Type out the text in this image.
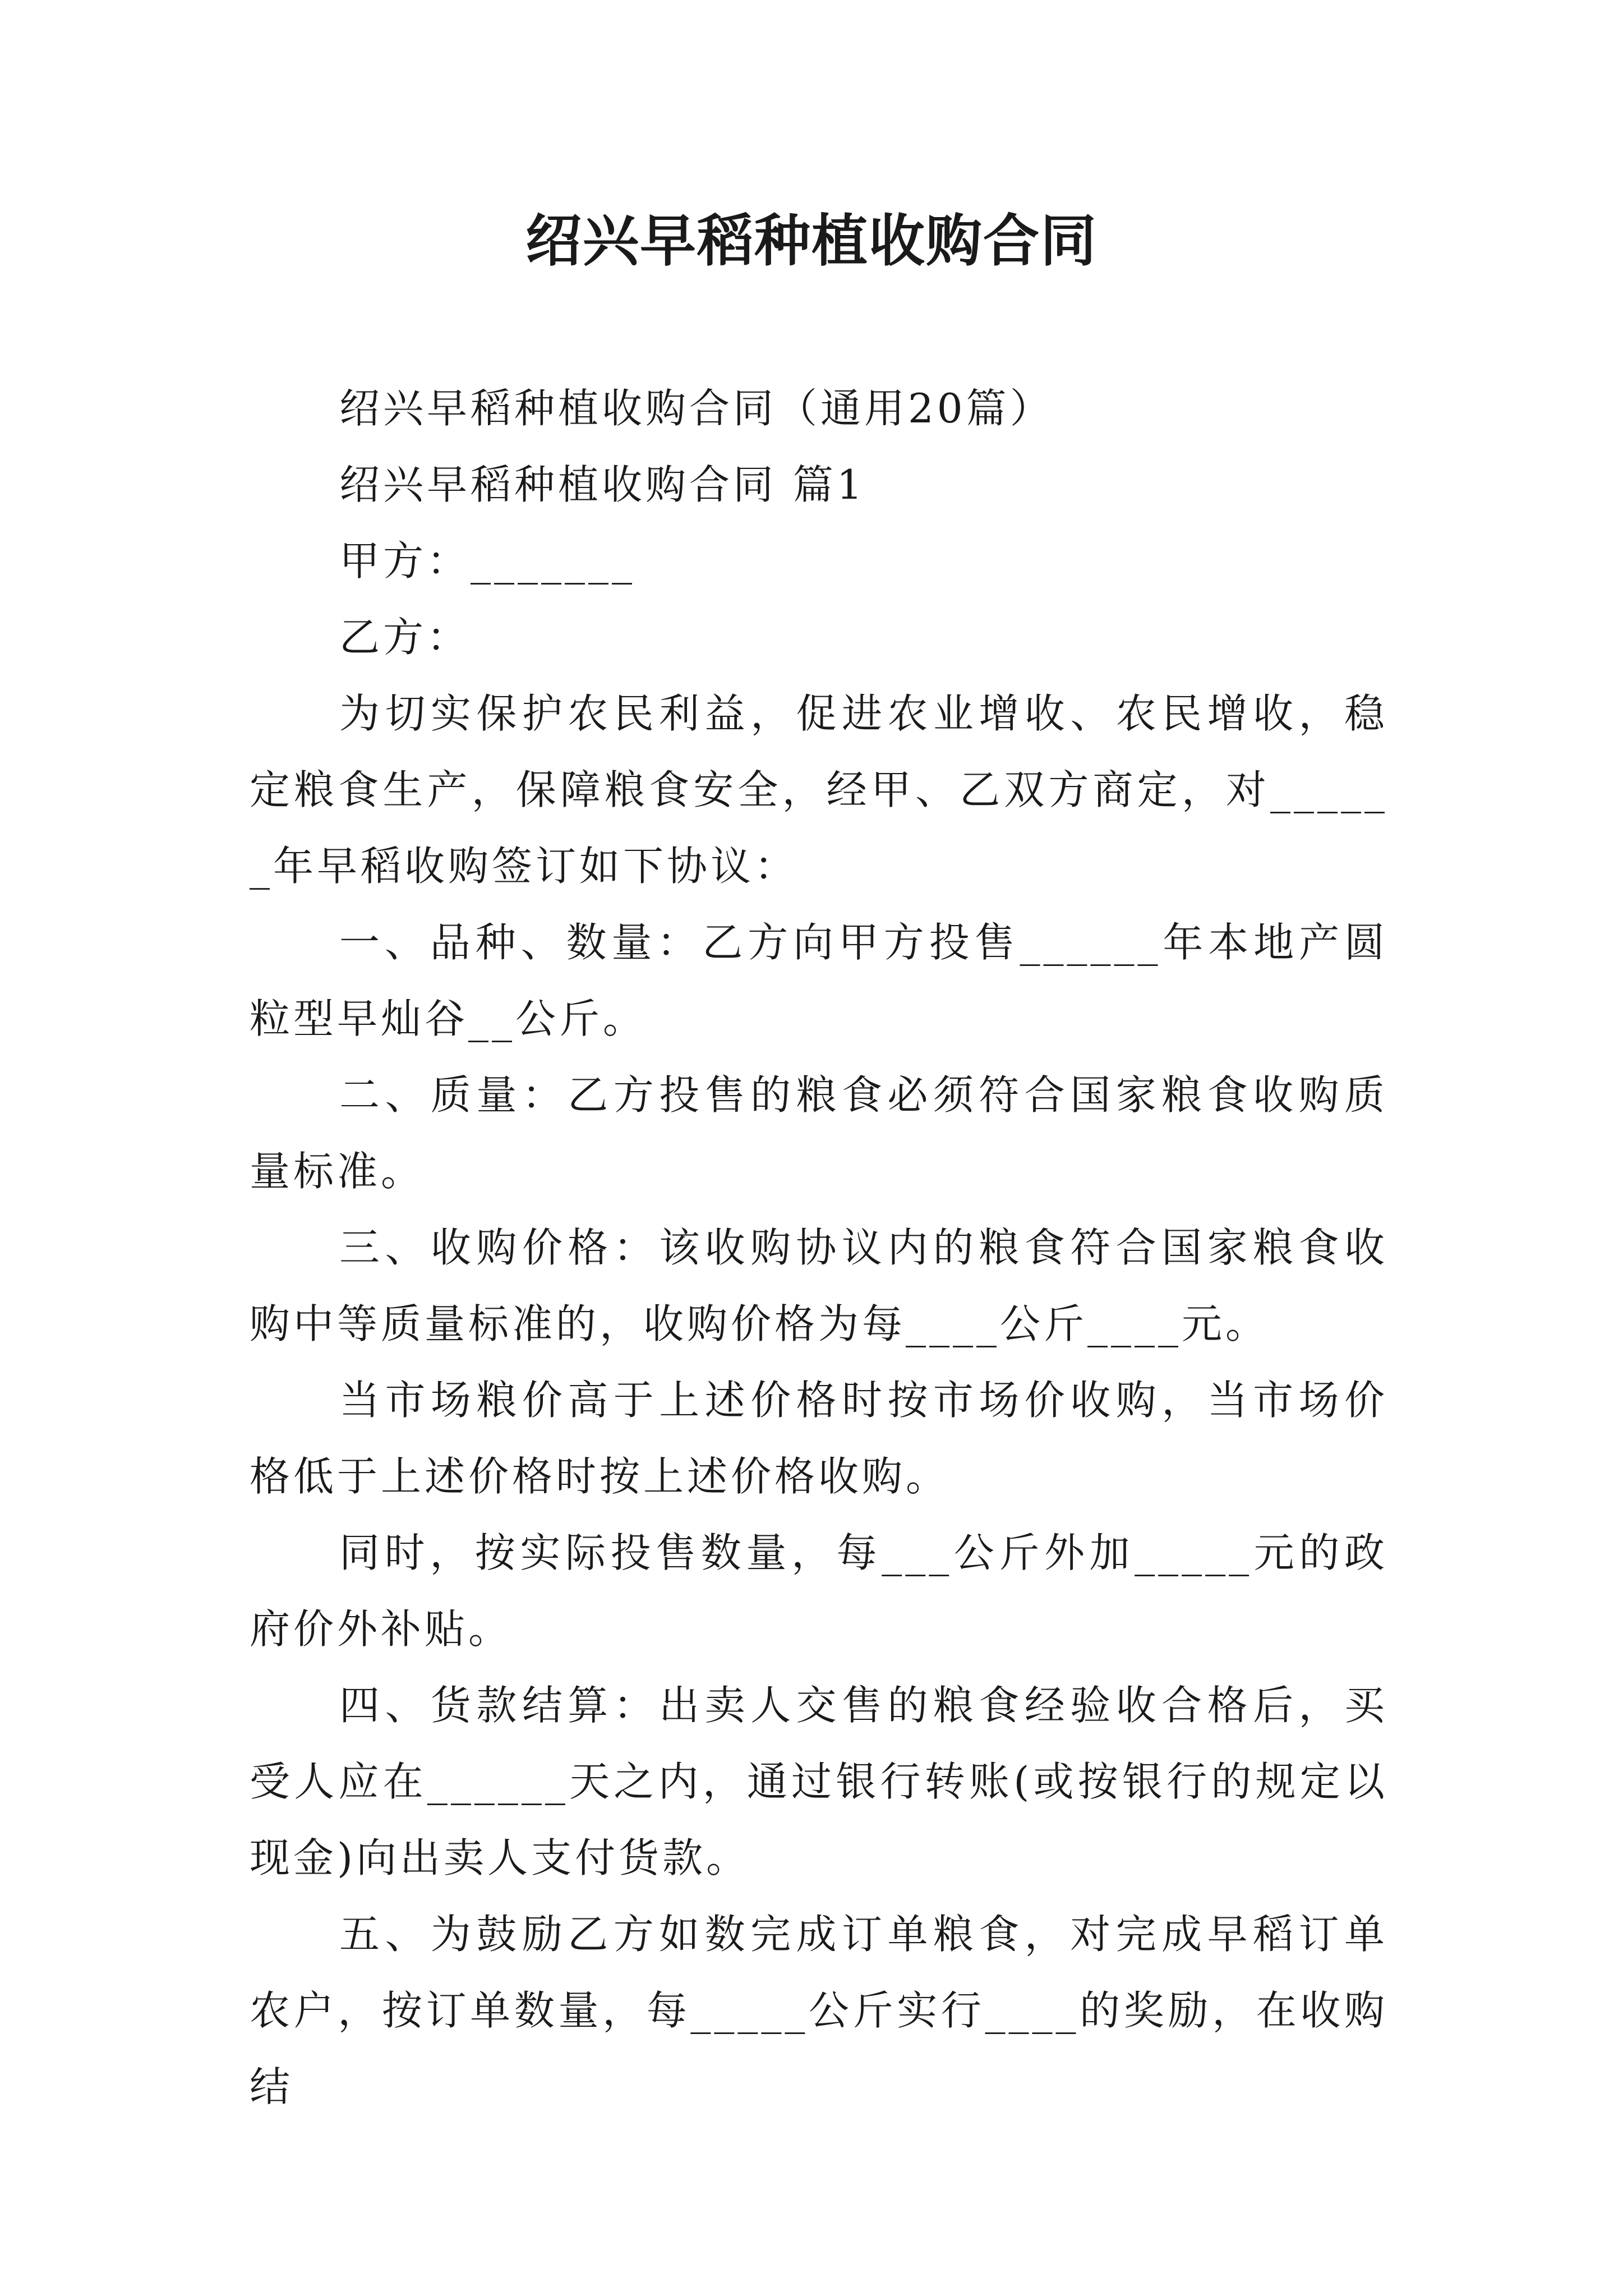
绍兴早稻种植收购合同

绍兴早稻种植收购合同（通用20篇）

绍兴早稻种植收购合同 篇1

甲方：_______

乙方：

为切实保护农民利益，促进农业增收、农民增收，稳定粮食生产，保障粮食安全，经甲、乙双方商定，对______年早稻收购签订如下协议：

一、品种、数量：乙方向甲方投售______年本地产圆粒型早灿谷__公斤。

二、质量：乙方投售的粮食必须符合国家粮食收购质量标准。

三、收购价格：该收购协议内的粮食符合国家粮食收购中等质量标准的，收购价格为每____公斤____元。

当市场粮价高于上述价格时按市场价收购，当市场价格低于上述价格时按上述价格收购。

同时，按实际投售数量，每___公斤外加_____元的政府价外补贴。

四、货款结算：出卖人交售的粮食经验收合格后，买受人应在______天之内，通过银行转账(或按银行的规定以现金)向出卖人支付货款。

五、为鼓励乙方如数完成订单粮食，对完成早稻订单农户，按订单数量，每_____公斤实行____的奖励，在收购结
